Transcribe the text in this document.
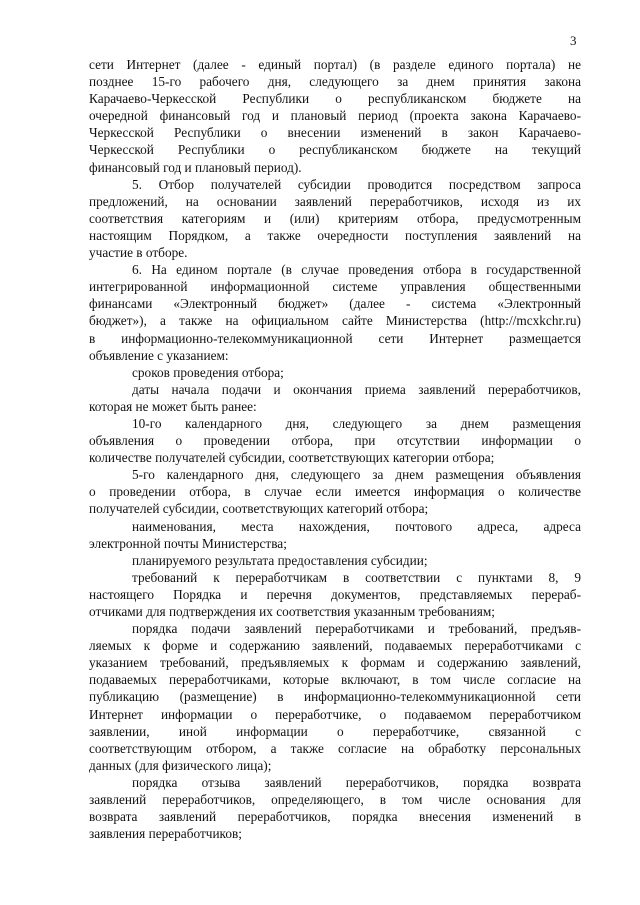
3
сети Интернет (далее - единый портал) (в разделе единого портала) не
позднее 15-го рабочего дня, следующего за днем принятия закона
Карачаево-Черкесской Республики о республиканском бюджете на
очередной финансовый год и плановый период (проекта закона Карачаево-
Черкесской Республики о внесении изменений в закон Карачаево-
Черкесской Республики о республиканском бюджете на текущий
финансовый год и плановый период).
5. Отбор получателей субсидии проводится посредством запроса
предложений, на основании заявлений переработчиков, исходя из их
соответствия категориям и (или) критериям отбора, предусмотренным
настоящим Порядком, а также очередности поступления заявлений на
участие в отборе.
6. На едином портале (в случае проведения отбора в государственной
интегрированной информационной системе управления общественными
финансами «Электронный бюджет» (далее - система «Электронный
бюджет»), а также на официальном сайте Министерства (http://mcxkchr.ru)
в информационно-телекоммуникационной сети Интернет размещается
объявление с указанием:
сроков проведения отбора;
даты начала подачи и окончания приема заявлений переработчиков,
которая не может быть ранее:
10-го календарного дня, следующего за днем размещения
объявления о проведении отбора, при отсутствии информации о
количестве получателей субсидии, соответствующих категории отбора;
5-го календарного дня, следующего за днем размещения объявления
о проведении отбора, в случае если имеется информация о количестве
получателей субсидии, соответствующих категорий отбора;
наименования, места нахождения, почтового адреса, адреса
электронной почты Министерства;
планируемого результата предоставления субсидии;
требований к переработчикам в соответствии с пунктами 8, 9
настоящего Порядка и перечня документов, представляемых перераб-
отчиками для подтверждения их соответствия указанным требованиям;
порядка подачи заявлений переработчиками и требований, предъяв-
ляемых к форме и содержанию заявлений, подаваемых переработчиками с
указанием требований, предъявляемых к формам и содержанию заявлений,
подаваемых переработчиками, которые включают, в том числе согласие на
публикацию (размещение) в информационно-телекоммуникационной сети
Интернет информации о переработчике, о подаваемом переработчиком
заявлении, иной информации о переработчике, связанной с
соответствующим отбором, а также согласие на обработку персональных
данных (для физического лица);
порядка отзыва заявлений переработчиков, порядка возврата
заявлений переработчиков, определяющего, в том числе основания для
возврата заявлений переработчиков, порядка внесения изменений в
заявления переработчиков;
